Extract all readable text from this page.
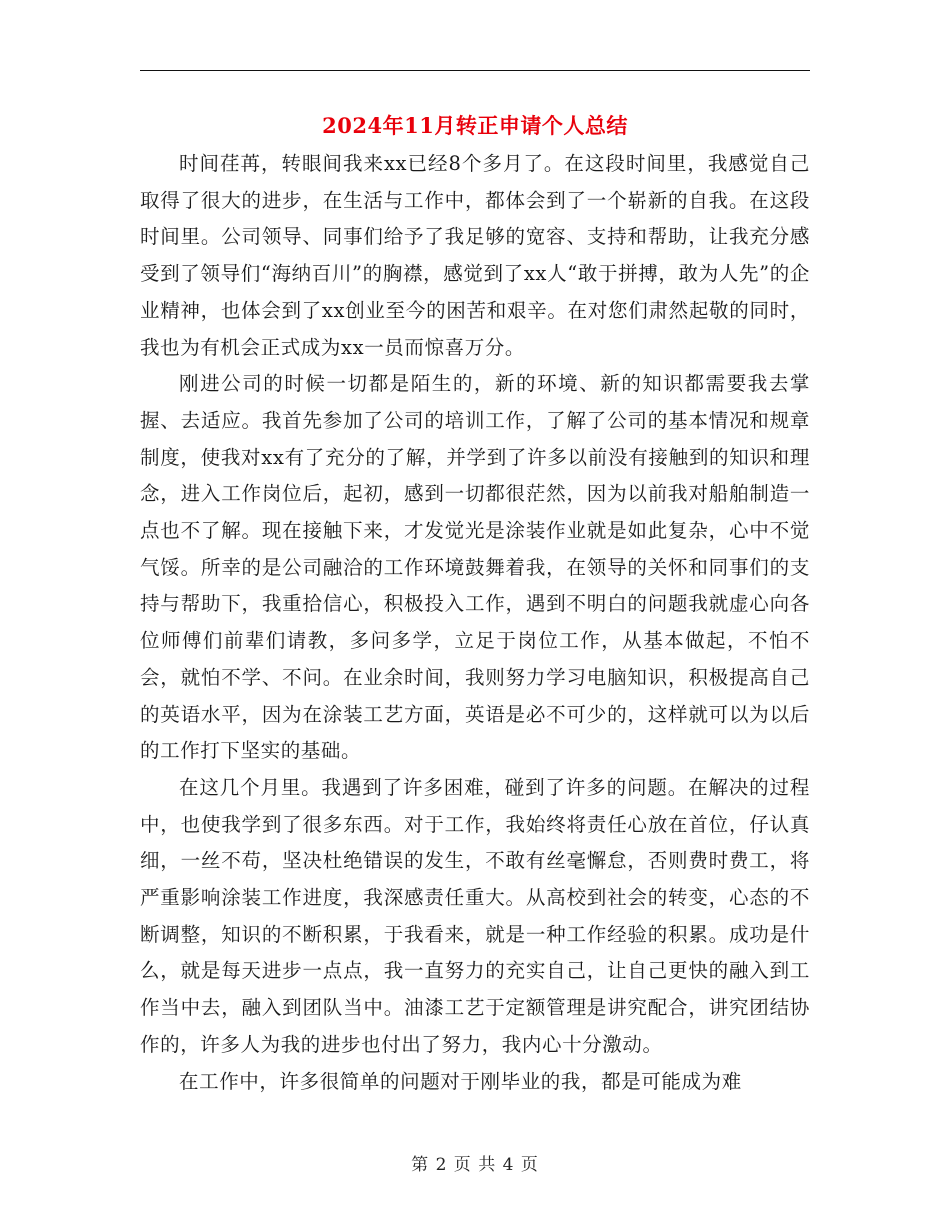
2024年11月转正申请个人总结

时间荏苒，转眼间我来xx已经8个多月了。在这段时间里，我感觉自己取得了很大的进步，在生活与工作中，都体会到了一个崭新的自我。在这段时间里。公司领导、同事们给予了我足够的宽容、支持和帮助，让我充分感受到了领导们“海纳百川”的胸襟，感觉到了xx人“敢于拼搏，敢为人先”的企业精神，也体会到了xx创业至今的困苦和艰辛。在对您们肃然起敬的同时，我也为有机会正式成为xx一员而惊喜万分。

刚进公司的时候一切都是陌生的，新的环境、新的知识都需要我去掌握、去适应。我首先参加了公司的培训工作，了解了公司的基本情况和规章制度，使我对xx有了充分的了解，并学到了许多以前没有接触到的知识和理念，进入工作岗位后，起初，感到一切都很茫然，因为以前我对船舶制造一点也不了解。现在接触下来，才发觉光是涂装作业就是如此复杂，心中不觉气馁。所幸的是公司融洽的工作环境鼓舞着我，在领导的关怀和同事们的支持与帮助下，我重拾信心，积极投入工作，遇到不明白的问题我就虚心向各位师傅们前辈们请教，多问多学，立足于岗位工作，从基本做起，不怕不会，就怕不学、不问。在业余时间，我则努力学习电脑知识，积极提高自己的英语水平，因为在涂装工艺方面，英语是必不可少的，这样就可以为以后的工作打下坚实的基础。

在这几个月里。我遇到了许多困难，碰到了许多的问题。在解决的过程中，也使我学到了很多东西。对于工作，我始终将责任心放在首位，仔认真细，一丝不苟，坚决杜绝错误的发生，不敢有丝毫懈怠，否则费时费工，将严重影响涂装工作进度，我深感责任重大。从高校到社会的转变，心态的不断调整，知识的不断积累，于我看来，就是一种工作经验的积累。成功是什么，就是每天进步一点点，我一直努力的充实自己，让自己更快的融入到工作当中去，融入到团队当中。油漆工艺于定额管理是讲究配合，讲究团结协作的，许多人为我的进步也付出了努力，我内心十分激动。

在工作中，许多很简单的问题对于刚毕业的我，都是可能成为难

第 2 页 共 4 页
